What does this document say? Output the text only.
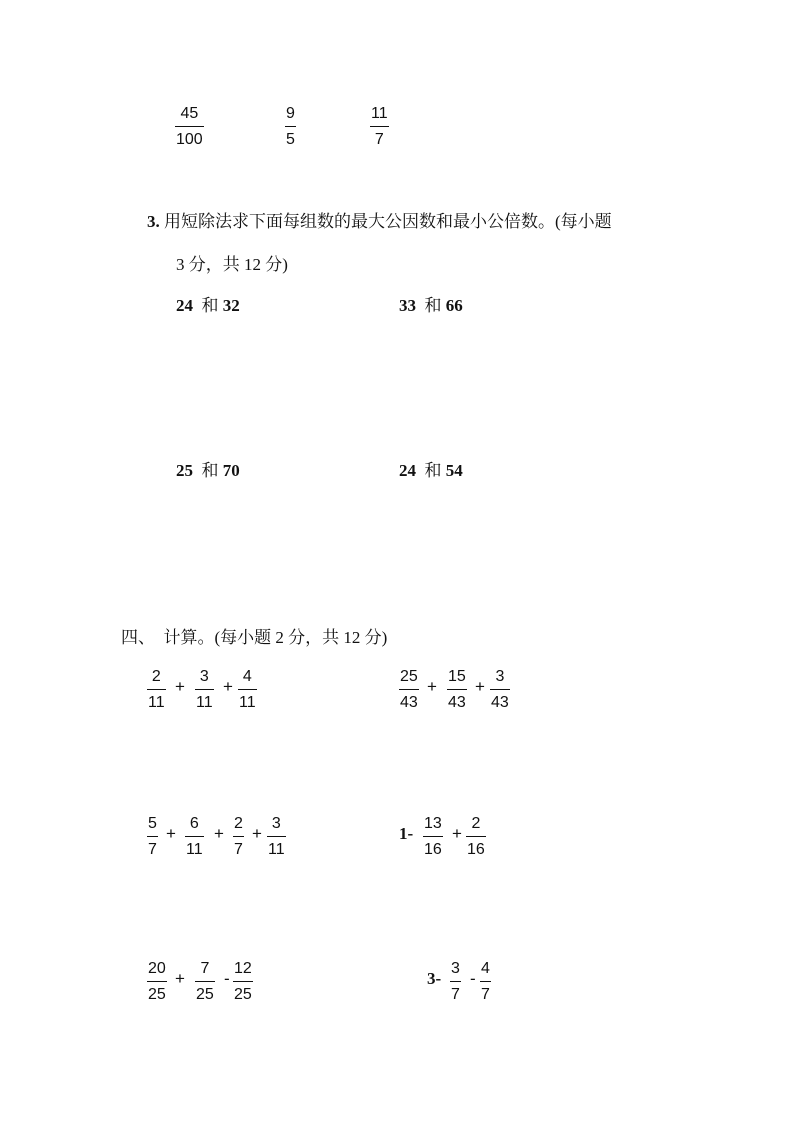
45
100
9
5
11
7
3. 用短除法求下面每组数的最大公因数和最小公倍数。(每小题
3 分，共 12 分)
24 和 32	33 和 66
25 和 70	24 和 54
四、 计算。(每小题 2 分，共 12 分)
2
11
+
3
11
+
4
11
25
43
+
15
43
+
3
43
5
7
+
6
11
+
2
7
+
3
11
1-
13
16
+
2
16
20
25
+
7
25
-
12
25
3-
3
7
-
4
7
